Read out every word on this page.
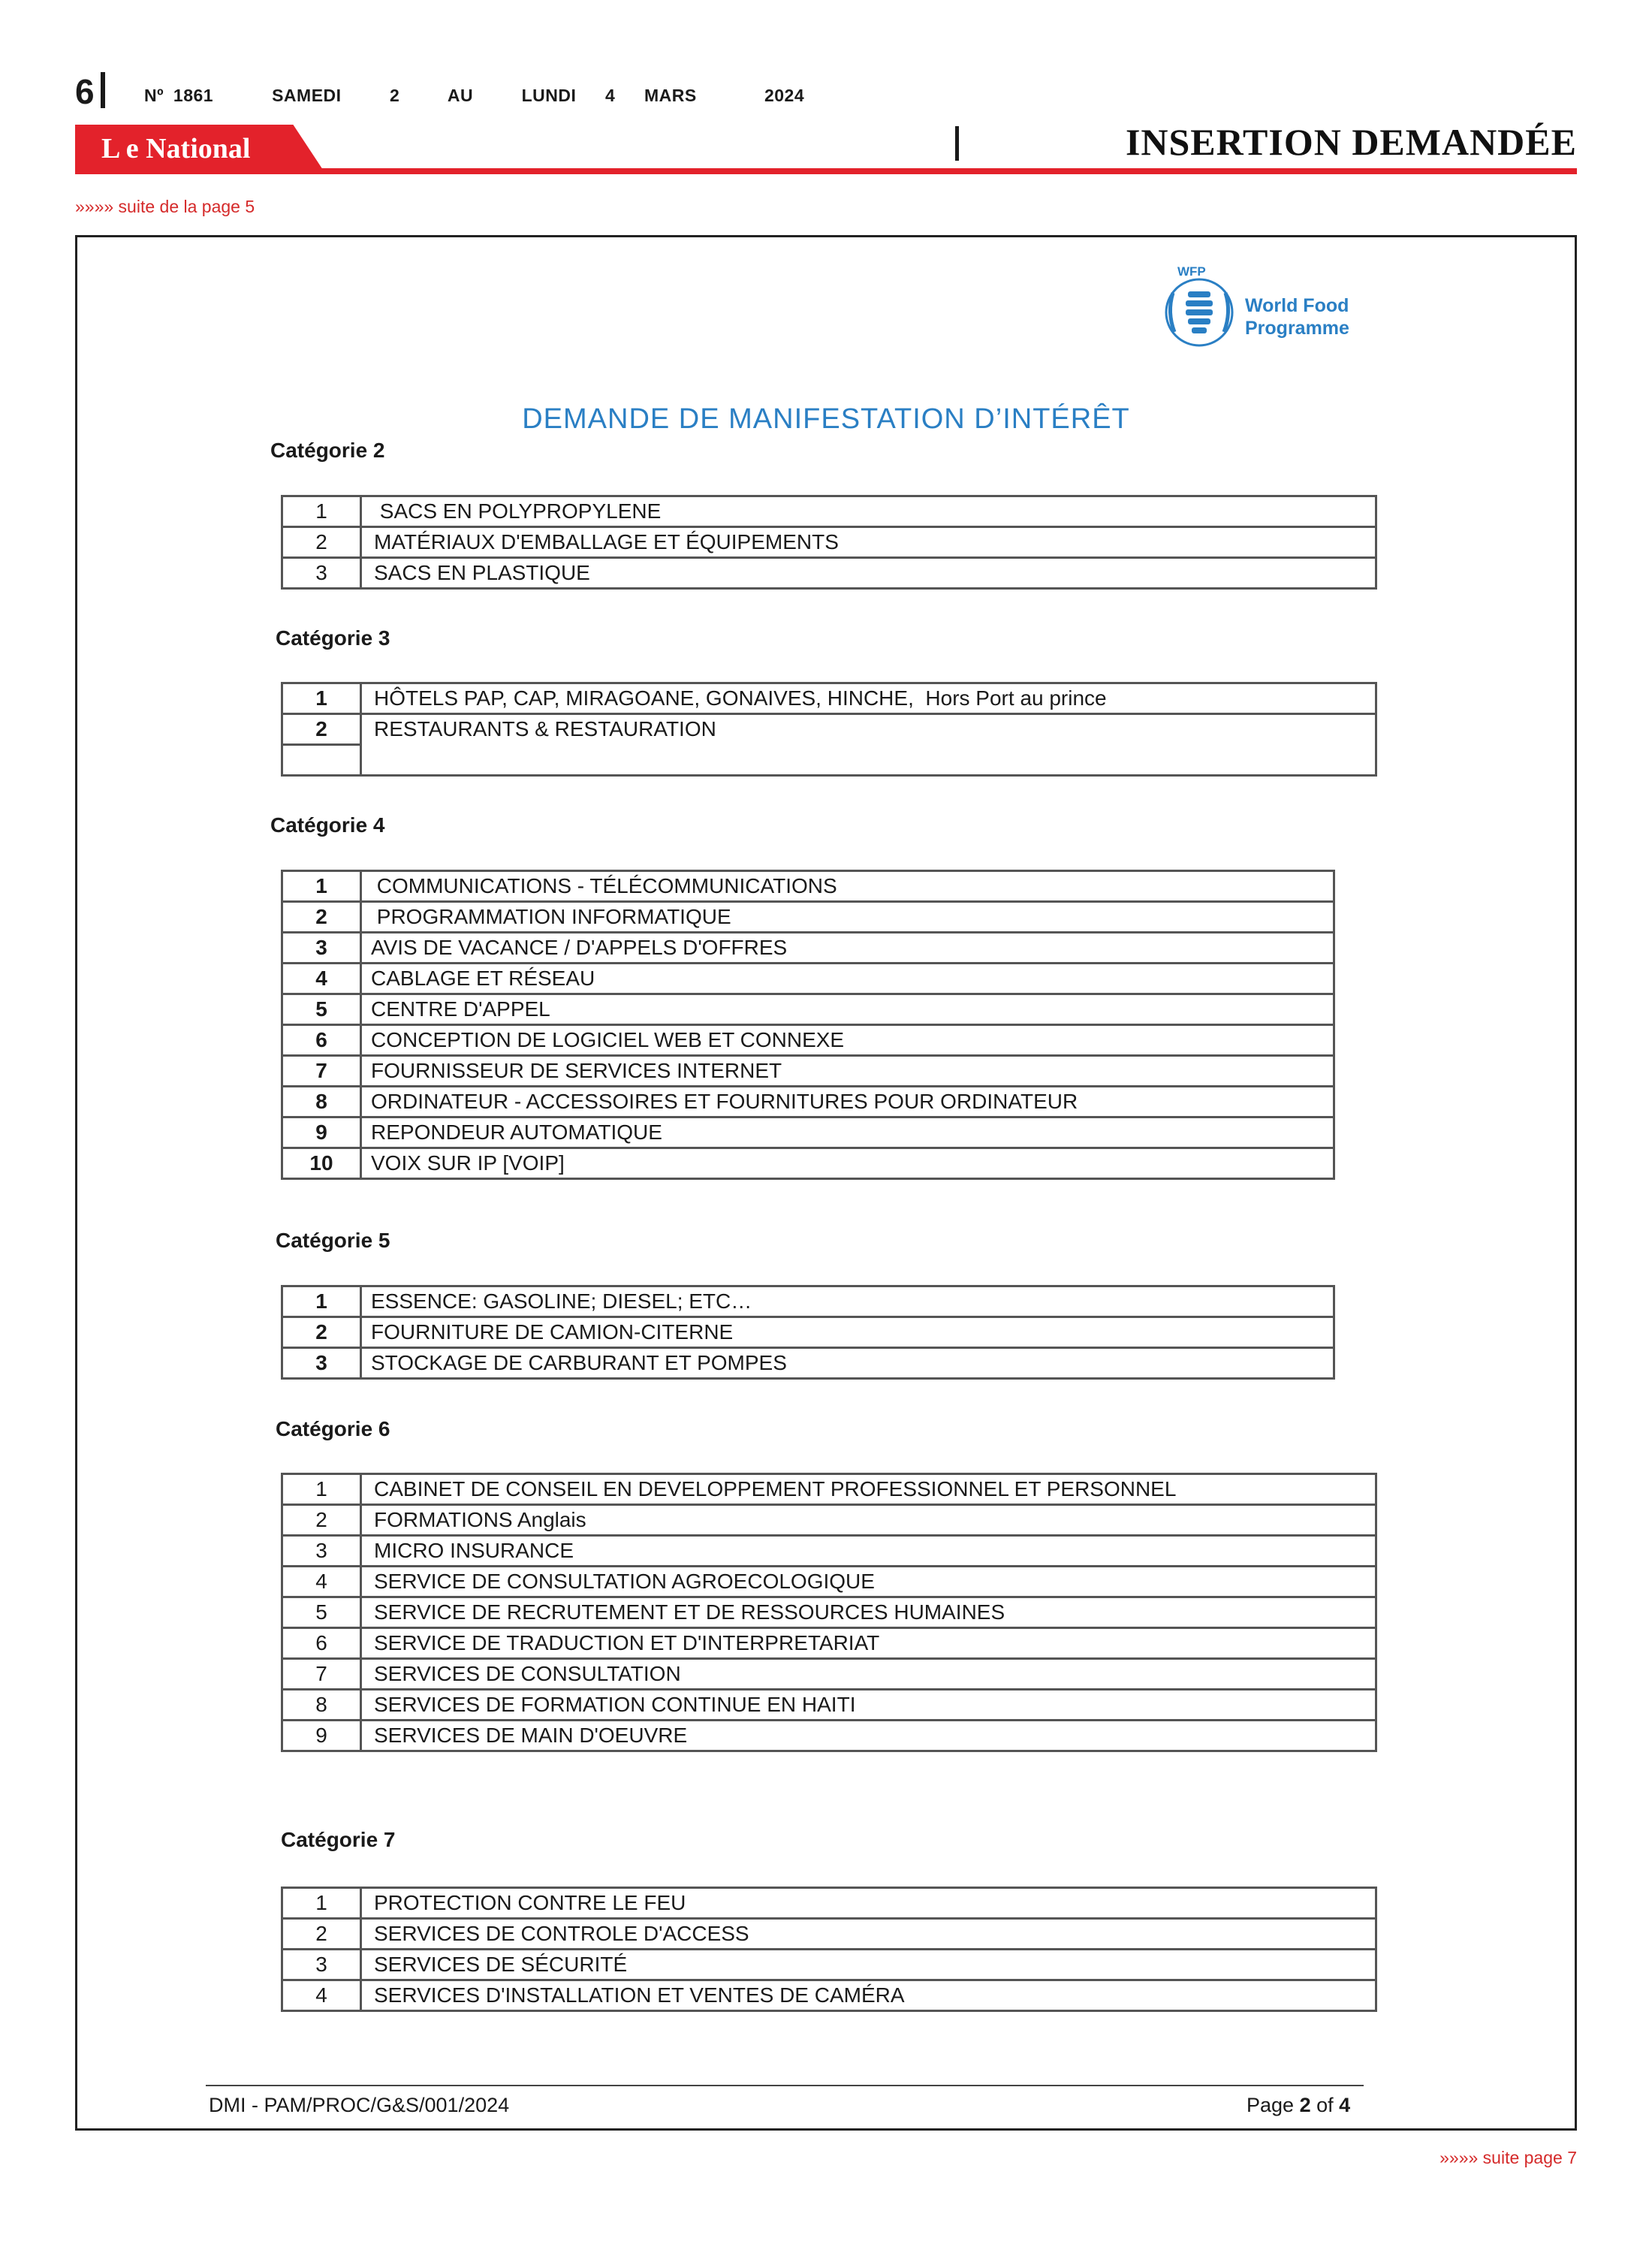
6	Nº 1861	SAMEDI	2	AU	LUNDI 4 MARS	2024
L e National	INSERTION DEMANDÉE
»»»» suite de la page 5
WFP
World Food
Programme
DEMANDE DE MANIFESTATION D’INTÉRÊT
Catégorie 2
1	SACS EN POLYPROPYLENE
2	MATÉRIAUX D'EMBALLAGE ET ÉQUIPEMENTS
3	SACS EN PLASTIQUE
Catégorie 3
1	HÔTELS PAP, CAP, MIRAGOANE, GONAIVES, HINCHE,  Hors Port au prince
2	RESTAURANTS & RESTAURATION

Catégorie 4
1	COMMUNICATIONS - TÉLÉCOMMUNICATIONS
2	PROGRAMMATION INFORMATIQUE
3	AVIS DE VACANCE / D'APPELS D'OFFRES
4	CABLAGE ET RÉSEAU
5	CENTRE D'APPEL
6	CONCEPTION DE LOGICIEL WEB ET CONNEXE
7	FOURNISSEUR DE SERVICES INTERNET
8	ORDINATEUR - ACCESSOIRES ET FOURNITURES POUR ORDINATEUR
9	REPONDEUR AUTOMATIQUE
10	VOIX SUR IP [VOIP]
Catégorie 5
1	ESSENCE: GASOLINE; DIESEL; ETC…
2	FOURNITURE DE CAMION-CITERNE
3	STOCKAGE DE CARBURANT ET POMPES
Catégorie 6
1	CABINET DE CONSEIL EN DEVELOPPEMENT PROFESSIONNEL ET PERSONNEL
2	FORMATIONS Anglais
3	MICRO INSURANCE
4	SERVICE DE CONSULTATION AGROECOLOGIQUE
5	SERVICE DE RECRUTEMENT ET DE RESSOURCES HUMAINES
6	SERVICE DE TRADUCTION ET D'INTERPRETARIAT
7	SERVICES DE CONSULTATION
8	SERVICES DE FORMATION CONTINUE EN HAITI
9	SERVICES DE MAIN D'OEUVRE
Catégorie 7
1	PROTECTION CONTRE LE FEU
2	SERVICES DE CONTROLE D'ACCESS
3	SERVICES DE SÉCURITÉ
4	SERVICES D'INSTALLATION ET VENTES DE CAMÉRA
DMI - PAM/PROC/G&S/001/2024	Page 2 of 4
»»»» suite page 7
